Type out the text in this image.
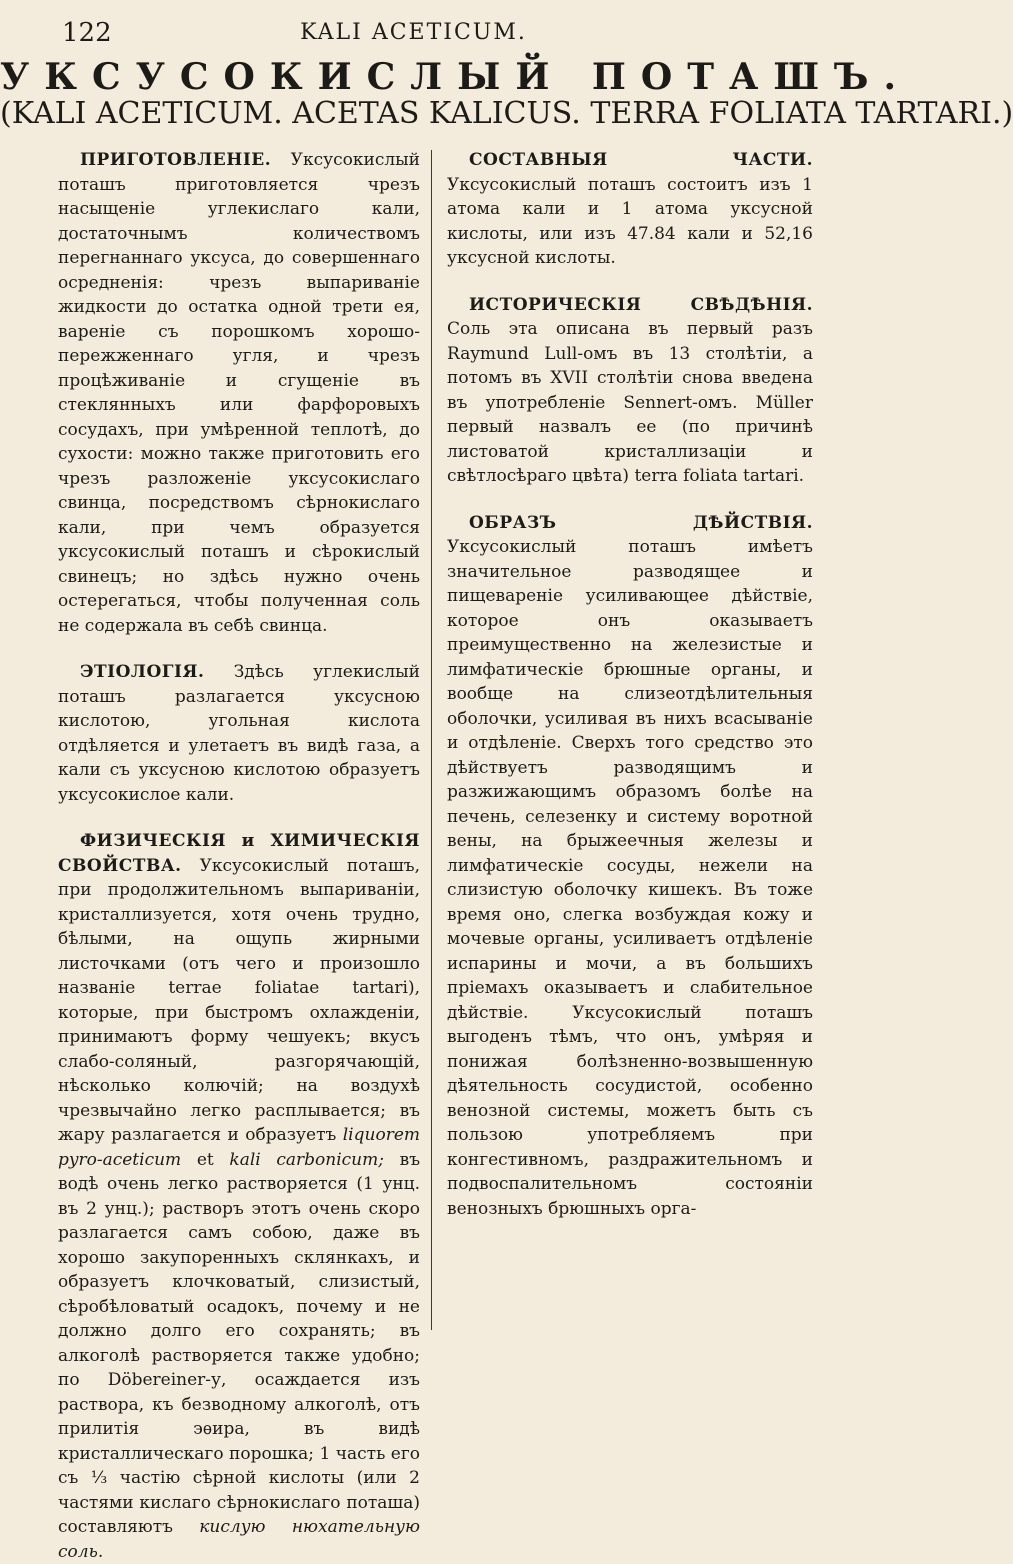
122	KALI ACETICUM.
УКСУСОКИСЛЫЙ ПОТАШЪ.
(KALI ACETICUM. ACETAS KALICUS. TERRA FOLIATA TARTARI.)

ПРИГОТОВЛЕНІЕ. Уксусокислый поташъ приготовляется чрезъ насыщеніе углекислаго кали, достаточнымъ количествомъ перегнаннаго уксуса, до совершеннаго осредненія: чрезъ выпариваніе жидкости до остатка одной трети ея, вареніе съ порошкомъ хорошо-пережженнаго угля, и чрезъ процѣживаніе и сгущеніе въ стеклянныхъ или фарфоровыхъ сосудахъ, при умѣренной теплотѣ, до сухости: можно также приготовить его чрезъ разложеніе уксусокислаго свинца, посредствомъ сѣрнокислаго кали, при чемъ образуется уксусокислый поташъ и сѣрокислый свинецъ; но здѣсь нужно очень остерегаться, чтобы полученная соль не содержала въ себѣ свинца.

ЭТІОЛОГІЯ. Здѣсь углекислый поташъ разлагается уксусною кислотою, угольная кислота отдѣляется и улетаетъ въ видѣ газа, а кали съ уксусною кислотою образуетъ уксусокислое кали.

ФИЗИЧЕСКІЯ и ХИМИЧЕСКІЯ СВОЙСТВА. Уксусокислый поташъ, при продолжительномъ выпариваніи, кристаллизуется, хотя очень трудно, бѣлыми, на ощупь жирными листочками (отъ чего и произошло названіе terrae foliatae tartari), которые, при быстромъ охлажденіи, принимаютъ форму чешуекъ; вкусъ слабо-соляный, разгорячающій, нѣсколько колючій; на воздухѣ чрезвычайно легко расплывается; въ жару разлагается и образуетъ liquorem pyro-aceticum et kali carbonicum; въ водѣ очень легко растворяется (1 унц. въ 2 унц.); растворъ этотъ очень скоро разлагается самъ собою, даже въ хорошо закупоренныхъ склянкахъ, и образуетъ клочковатый, слизистый, сѣробѣловатый осадокъ, почему и не должно долго его сохранять; въ алкоголѣ растворяется также удобно; по Döbereiner-у, осаждается изъ раствора, къ безводному алкоголѣ, отъ прилитія эѳира, въ видѣ кристаллическаго порошка; 1 часть его съ ⅓ частію сѣрной кислоты (или 2 частями кислаго сѣрнокислаго поташа) составляютъ кислую нюхательную соль.

СОСТАВНЫЯ ЧАСТИ. Уксусокислый поташъ состоитъ изъ 1 атома кали и 1 атома уксусной кислоты, или изъ 47.84 кали и 52,16 уксусной кислоты.

ИСТОРИЧЕСКІЯ СВѢДѢНІЯ. Соль эта описана въ первый разъ Raymund Lull-омъ въ 13 столѣтіи, а потомъ въ XVII столѣтіи снова введена въ употребленіе Sennert-омъ. Müller первый назвалъ ее (по причинѣ листоватой кристаллизаціи и свѣтлосѣраго цвѣта) terra foliata tartari.

ОБРАЗЪ ДѢЙСТВІЯ. Уксусокислый поташъ имѣетъ значительное разводящее и пищевареніе усиливающее дѣйствіе, которое онъ оказываетъ преимущественно на железистые и лимфатическіе брюшные органы, и вообще на слизеотдѣлительныя оболочки, усиливая въ нихъ всасываніе и отдѣленіе. Сверхъ того средство это дѣйствуетъ разводящимъ и разжижающимъ образомъ болѣе на печень, селезенку и систему воротной вены, на брыжеечныя железы и лимфатическіе сосуды, нежели на слизистую оболочку кишекъ. Въ тоже время оно, слегка возбуждая кожу и мочевые органы, усиливаетъ отдѣленіе испарины и мочи, а въ большихъ пріемахъ оказываетъ и слабительное дѣйствіе. Уксусокислый поташъ выгоденъ тѣмъ, что онъ, умѣряя и понижая болѣзненно-возвышенную дѣятельность сосудистой, особенно венозной системы, можетъ быть съ пользою употребляемъ при конгестивномъ, раздражительномъ и подвоспалительномъ состояніи венозныхъ брюшныхъ орга-
